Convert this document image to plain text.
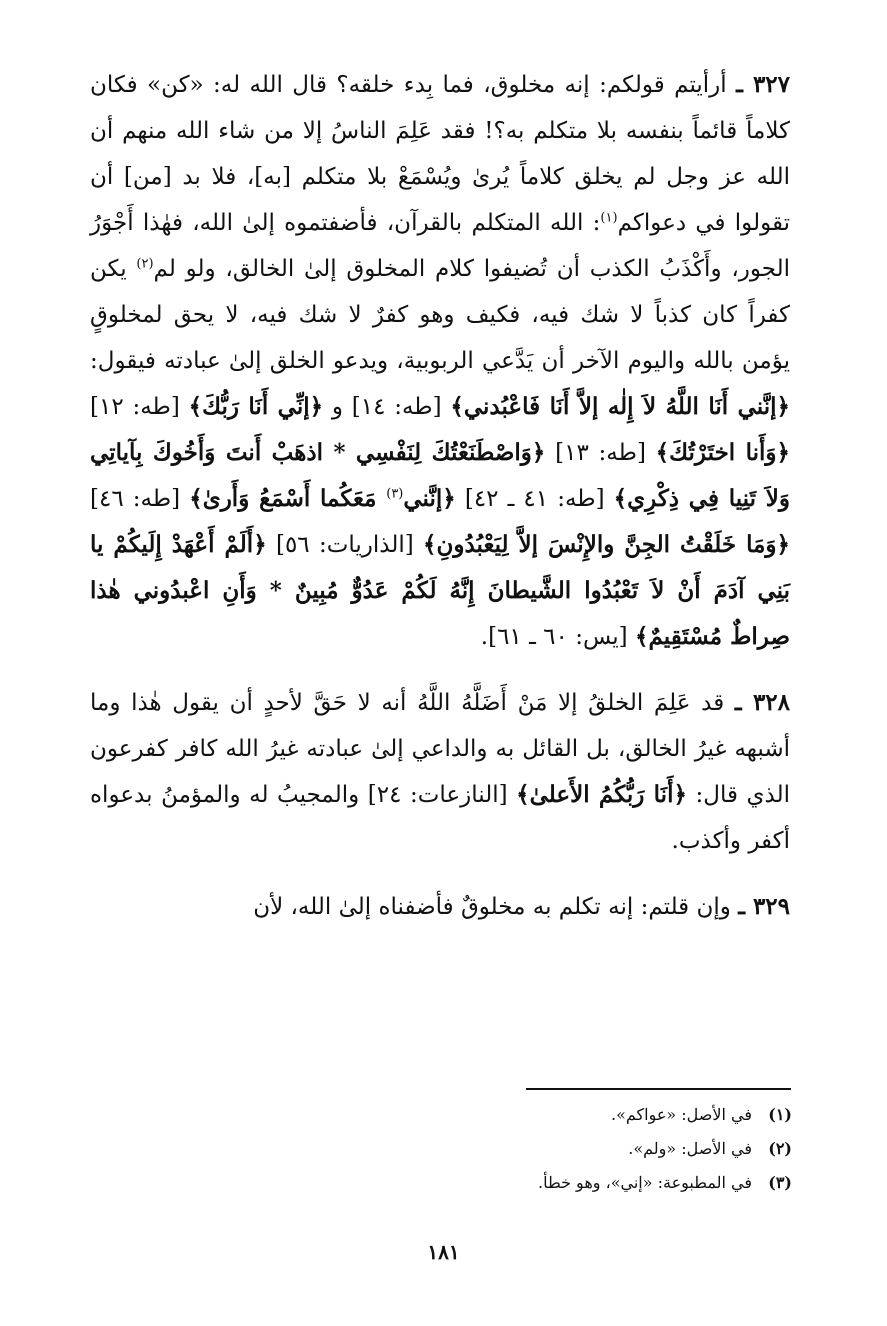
٣٢٧ ـ أرأيتم قولكم: إنه مخلوق، فما بِدء خلقه؟ قال الله له: «كن» فكان كلاماً قائماً بنفسه بلا متكلم به؟! فقد عَلِمَ الناسُ إلا من شاء الله منهم أن الله عز وجل لم يخلق كلاماً يُرىٰ ويُسْمَعْ بلا متكلم [به]، فلا بد [من] أن تقولوا في دعواكم$^{(١)}$: الله المتكلم بالقرآن، فأضفتموه إلىٰ الله، فهٰذا أَجْوَرُ الجور، وأَكْذَبُ الكذب أن تُضيفوا كلام المخلوق إلىٰ الخالق، ولو لم$^{(٢)}$ يكن كفراً كان كذباً لا شك فيه، فكيف وهو كفرٌ لا شك فيه، لا يحق لمخلوقٍ يؤمن بالله واليوم الآخر أن يَدَّعي الربوبية، ويدعو الخلق إلىٰ عبادته فيقول: ﴿إنَّني أَنَا اللَّهُ لاَ إِلٰه إلاَّ أَنَا فَاعْبُدني﴾ [طه: ١٤] و ﴿إنِّي أَنَا رَبُّكَ﴾ [طه: ١٢] ﴿وَأَنا اختَرْتُكَ﴾ [طه: ١٣] ﴿وَاصْطَنَعْتُكَ لِنَفْسِي * اذهَبْ أَنتَ وَأَخُوكَ بِآياتِي وَلاَ تَنِيا فِي ذِكْرِي﴾ [طه: ٤١ ـ ٤٢] ﴿إنَّني$^{(٣)}$ مَعَكُما أَسْمَعُ وَأَرىٰ﴾ [طه: ٤٦] ﴿وَمَا خَلَقْتُ الجِنَّ والإِنْسَ إلاَّ لِيَعْبُدُونِ﴾ [الذاريات: ٥٦] ﴿أَلَمْ أَعْهَدْ إِلَيكُمْ يا بَنِي آدَمَ أَنْ لاَ تَعْبُدُوا الشَّيطانَ إِنَّهُ لَكُمْ عَدُوٌّ مُبِينٌ * وَأَنِ اعْبدُوني هٰذا صِراطٌ مُسْتَقِيمٌ﴾ [يس: ٦٠ ـ ٦١].

٣٢٨ ـ قد عَلِمَ الخلقُ إلا مَنْ أَضَلَّهُ اللَّهُ أنه لا حَقَّ لأحدٍ أن يقول هٰذا وما أشبهه غيرُ الخالق، بل القائل به والداعي إلىٰ عبادته غيرُ الله كافر كفرعون الذي قال: ﴿أَنَا رَبُّكُمُ الأَعلىٰ﴾ [النازعات: ٢٤] والمجيبُ له والمؤمنُ بدعواه أكفر وأكذب.

٣٢٩ ـ وإن قلتم: إنه تكلم به مخلوقٌ فأضفناه إلىٰ الله، لأن

(١)
في الأصل: «عواكم».
(٢)
في الأصل: «ولم».
(٣)
في المطبوعة: «إني»، وهو خطأ.
١٨١
